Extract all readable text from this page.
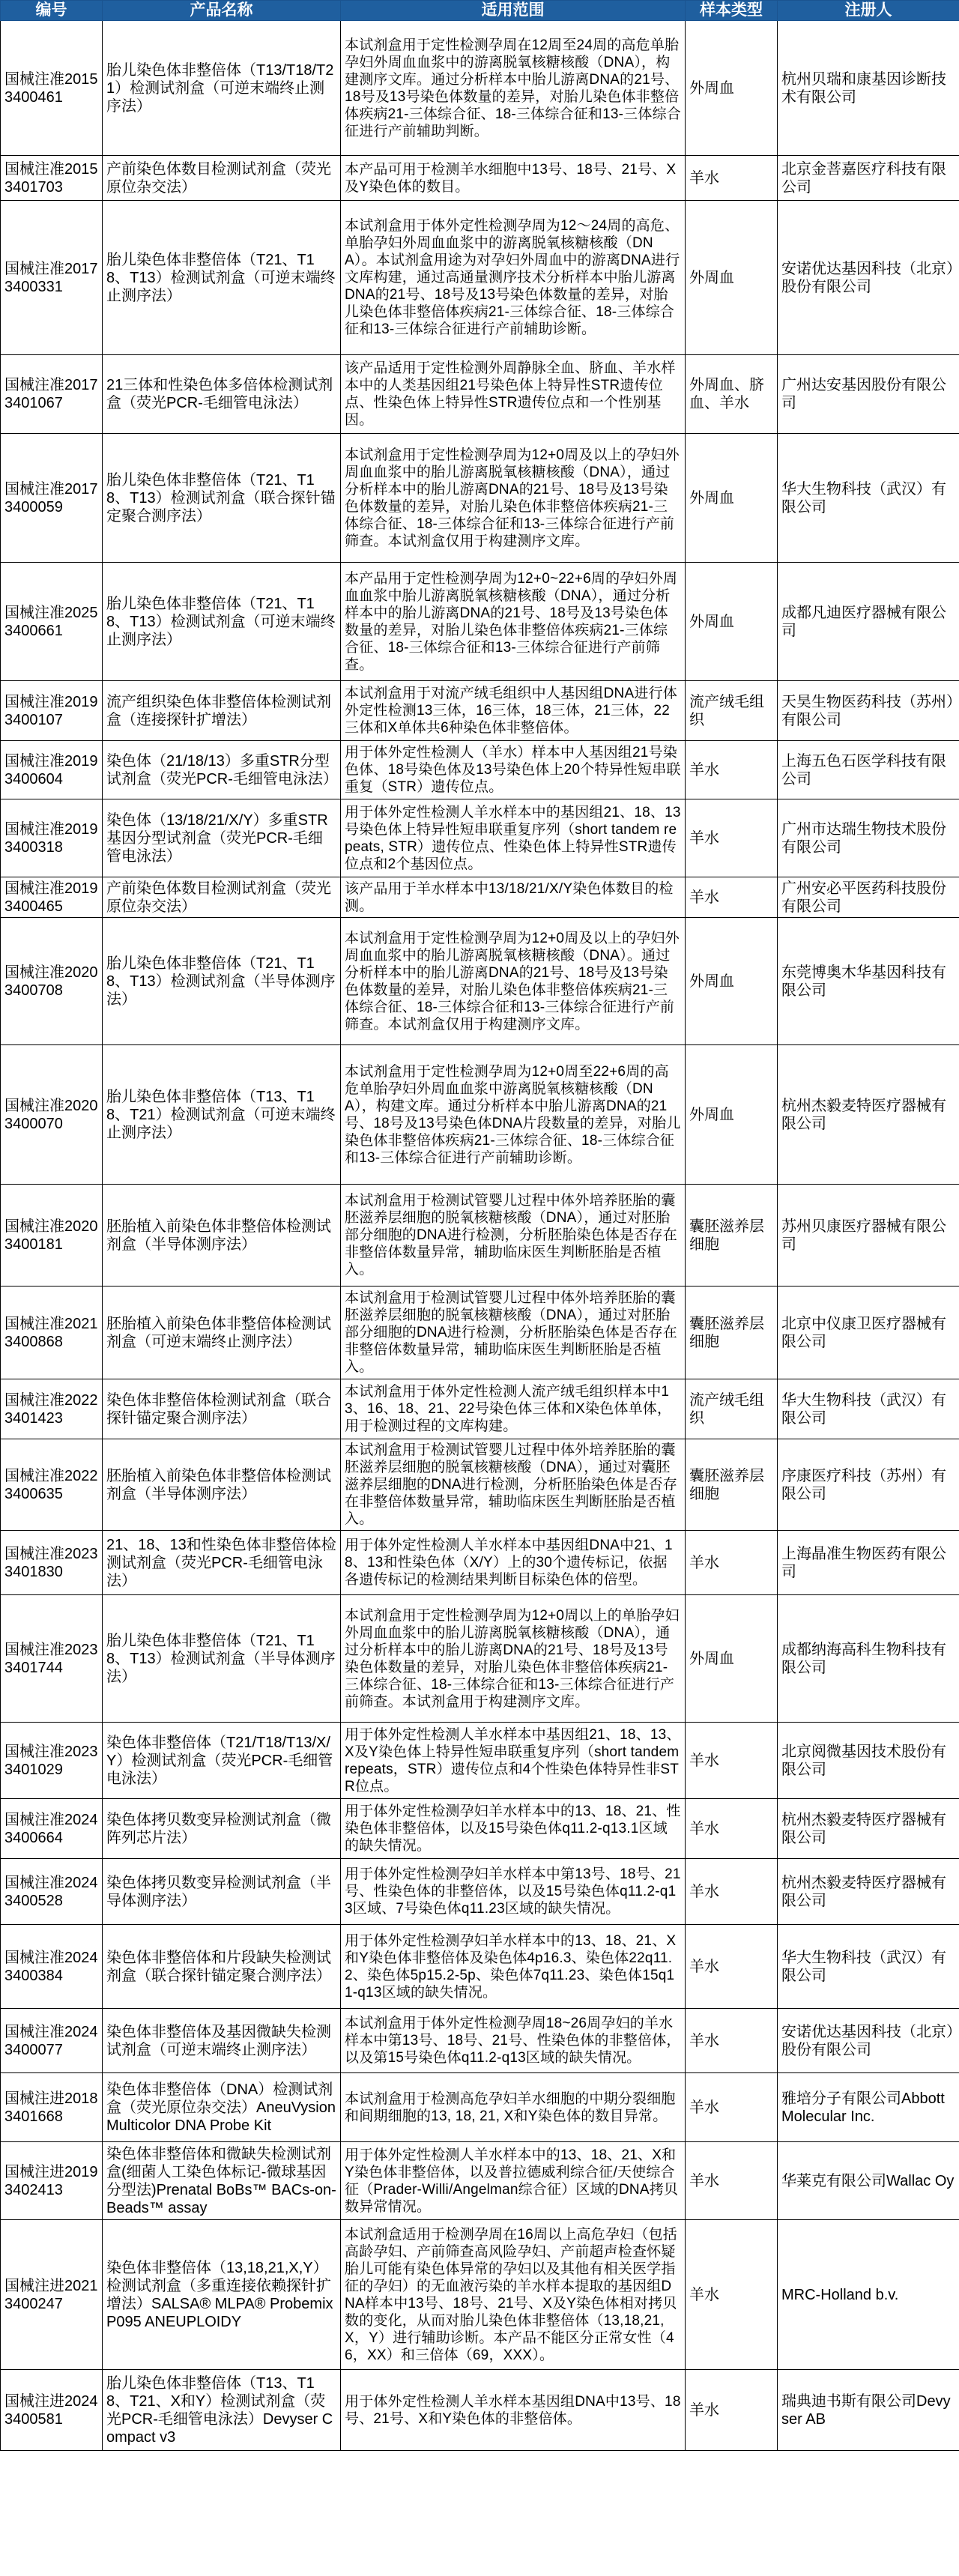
编号	产品名称	适用范围	样本类型	注册人
国械注准20153400461	胎儿染色体非整倍体（T13/T18/T21）检测试剂盒（可逆末端终止测序法）	本试剂盒用于定性检测孕周在12周至24周的高危单胎孕妇外周血血浆中的游离脱氧核糖核酸（DNA），构建测序文库。通过分析样本中胎儿游离DNA的21号、18号及13号染色体数量的差异，对胎儿染色体非整倍体疾病21-三体综合征、18-三体综合征和13-三体综合征进行产前辅助判断。	外周血	杭州贝瑞和康基因诊断技术有限公司
国械注准20153401703	产前染色体数目检测试剂盒（荧光原位杂交法）	本产品可用于检测羊水细胞中13号、18号、21号、X及Y染色体的数目。	羊水	北京金菩嘉医疗科技有限公司
国械注准20173400331	胎儿染色体非整倍体（T21、T18、T13）检测试剂盒（可逆末端终止测序法）	本试剂盒用于体外定性检测孕周为12～24周的高危、单胎孕妇外周血血浆中的游离脱氧核糖核酸（DNA）。本试剂盒用途为对孕妇外周血中的游离DNA进行文库构建，通过高通量测序技术分析样本中胎儿游离DNA的21号、18号及13号染色体数量的差异，对胎儿染色体非整倍体疾病21-三体综合征、18-三体综合征和13-三体综合征进行产前辅助诊断。	外周血	安诺优达基因科技（北京）股份有限公司
国械注准20173401067	21三体和性染色体多倍体检测试剂盒（荧光PCR-毛细管电泳法）	该产品适用于定性检测外周静脉全血、脐血、羊水样本中的人类基因组21号染色体上特异性STR遗传位点、性染色体上特异性STR遗传位点和一个性别基因。	外周血、脐血、羊水	广州达安基因股份有限公司
国械注准20173400059	胎儿染色体非整倍体（T21、T18、T13）检测试剂盒（联合探针锚定聚合测序法）	本试剂盒用于定性检测孕周为12+0周及以上的孕妇外周血血浆中的胎儿游离脱氧核糖核酸（DNA），通过分析样本中的胎儿游离DNA的21号、18号及13号染色体数量的差异，对胎儿染色体非整倍体疾病21-三体综合征、18-三体综合征和13-三体综合征进行产前筛查。本试剂盒仅用于构建测序文库。	外周血	华大生物科技（武汉）有限公司
国械注准20253400661	胎儿染色体非整倍体（T21、T18、T13）检测试剂盒（可逆末端终止测序法）	本产品用于定性检测孕周为12+0~22+6周的孕妇外周血血浆中胎儿游离脱氧核糖核酸（DNA），通过分析样本中的胎儿游离DNA的21号、18号及13号染色体数量的差异，对胎儿染色体非整倍体疾病21-三体综合征、18-三体综合征和13-三体综合征进行产前筛查。	外周血	成都凡迪医疗器械有限公司
国械注准20193400107	流产组织染色体非整倍体检测试剂盒（连接探针扩增法）	本试剂盒用于对流产绒毛组织中人基因组DNA进行体外定性检测13三体，16三体，18三体，21三体，22三体和X单体共6种染色体非整倍体。	流产绒毛组织	天昊生物医药科技（苏州）有限公司
国械注准20193400604	染色体（21/18/13）多重STR分型试剂盒（荧光PCR-毛细管电泳法）	用于体外定性检测人（羊水）样本中人基因组21号染色体、18号染色体及13号染色体上20个特异性短串联重复（STR）遗传位点。	羊水	上海五色石医学科技有限公司
国械注准20193400318	染色体（13/18/21/X/Y）多重STR基因分型试剂盒（荧光PCR-毛细管电泳法）	用于体外定性检测人羊水样本中的基因组21、18、13号染色体上特异性短串联重复序列（short tandem repeats, STR）遗传位点、性染色体上特异性STR遗传位点和2个基因位点。	羊水	广州市达瑞生物技术股份有限公司
国械注准20193400465	产前染色体数目检测试剂盒（荧光原位杂交法）	该产品用于羊水样本中13/18/21/X/Y染色体数目的检测。	羊水	广州安必平医药科技股份有限公司
国械注准20203400708	胎儿染色体非整倍体（T21、T18、T13）检测试剂盒（半导体测序法）	本试剂盒用于定性检测孕周为12+0周及以上的孕妇外周血血浆中的胎儿游离脱氧核糖核酸（DNA）。通过分析样本中的胎儿游离DNA的21号、18号及13号染色体数量的差异，对胎儿染色体非整倍体疾病21-三体综合征、18-三体综合征和13-三体综合征进行产前筛查。本试剂盒仅用于构建测序文库。	外周血	东莞博奥木华基因科技有限公司
国械注准20203400070	胎儿染色体非整倍体（T13、T18、T21）检测试剂盒（可逆末端终止测序法）	本试剂盒用于定性检测孕周为12+0周至22+6周的高危单胎孕妇外周血血浆中游离脱氧核糖核酸（DNA），构建文库。通过分析样本中胎儿游离DNA的21号、18号及13号染色体DNA片段数量的差异，对胎儿染色体非整倍体疾病21-三体综合征、18-三体综合征和13-三体综合征进行产前辅助诊断。	外周血	杭州杰毅麦特医疗器械有限公司
国械注准20203400181	胚胎植入前染色体非整倍体检测试剂盒（半导体测序法）	本试剂盒用于检测试管婴儿过程中体外培养胚胎的囊胚滋养层细胞的脱氧核糖核酸（DNA），通过对胚胎部分细胞的DNA进行检测，分析胚胎染色体是否存在非整倍体数量异常，辅助临床医生判断胚胎是否植入。	囊胚滋养层细胞	苏州贝康医疗器械有限公司
国械注准20213400868	胚胎植入前染色体非整倍体检测试剂盒（可逆末端终止测序法）	本试剂盒用于检测试管婴儿过程中体外培养胚胎的囊胚滋养层细胞的脱氧核糖核酸（DNA），通过对胚胎部分细胞的DNA进行检测，分析胚胎染色体是否存在非整倍体数量异常，辅助临床医生判断胚胎是否植入。	囊胚滋养层细胞	北京中仪康卫医疗器械有限公司
国械注准20223401423	染色体非整倍体检测试剂盒（联合探针锚定聚合测序法）	本试剂盒用于体外定性检测人流产绒毛组织样本中13、16、18、21、22号染色体三体和X染色体单体，用于检测过程的文库构建。	流产绒毛组织	华大生物科技（武汉）有限公司
国械注准20223400635	胚胎植入前染色体非整倍体检测试剂盒（半导体测序法）	本试剂盒用于检测试管婴儿过程中体外培养胚胎的囊胚滋养层细胞的脱氧核糖核酸（DNA），通过对囊胚滋养层细胞的DNA进行检测，分析胚胎染色体是否存在非整倍体数量异常，辅助临床医生判断胚胎是否植入。	囊胚滋养层细胞	序康医疗科技（苏州）有限公司
国械注准20233401830	21、18、13和性染色体非整倍体检测试剂盒（荧光PCR-毛细管电泳法）	用于体外定性检测人羊水样本中基因组DNA中21、18、13和性染色体（X/Y）上的30个遗传标记，依据各遗传标记的检测结果判断目标染色体的倍型。	羊水	上海晶准生物医药有限公司
国械注准20233401744	胎儿染色体非整倍体（T21、T18、T13）检测试剂盒（半导体测序法）	本试剂盒用于定性检测孕周为12+0周以上的单胎孕妇外周血血浆中的胎儿游离脱氧核糖核酸（DNA），通过分析样本中的胎儿游离DNA的21号、18号及13号染色体数量的差异，对胎儿染色体非整倍体疾病21-三体综合征、18-三体综合征和13-三体综合征进行产前筛查。本试剂盒用于构建测序文库。	外周血	成都纳海高科生物科技有限公司
国械注准20233401029	染色体非整倍体（T21/T18/T13/X/Y）检测试剂盒（荧光PCR-毛细管电泳法）	用于体外定性检测人羊水样本中基因组21、18、13、X及Y染色体上特异性短串联重复序列（short tandem repeats，STR）遗传位点和4个性染色体特异性非STR位点。	羊水	北京阅微基因技术股份有限公司
国械注准20243400664	染色体拷贝数变异检测试剂盒（微阵列芯片法）	用于体外定性检测孕妇羊水样本中的13、18、21、性染色体非整倍体，以及15号染色体q11.2-q13.1区域的缺失情况。	羊水	杭州杰毅麦特医疗器械有限公司
国械注准20243400528	染色体拷贝数变异检测试剂盒（半导体测序法）	用于体外定性检测孕妇羊水样本中第13号、18号、21号、性染色体的非整倍体，以及15号染色体q11.2-q13区域、7号染色体q11.23区域的缺失情况。	羊水	杭州杰毅麦特医疗器械有限公司
国械注准20243400384	染色体非整倍体和片段缺失检测试剂盒（联合探针锚定聚合测序法）	用于体外定性检测孕妇羊水样本中的13、18、21、X和Y染色体非整倍体及染色体4p16.3、染色体22q11.2、染色体5p15.2-5p、染色体7q11.23、染色体15q11-q13区域的缺失情况。	羊水	华大生物科技（武汉）有限公司
国械注准20243400077	染色体非整倍体及基因微缺失检测试剂盒（可逆末端终止测序法）	本试剂盒用于体外定性检测孕周18~26周孕妇的羊水样本中第13号、18号、21号、性染色体的非整倍体，以及第15号染色体q11.2-q13区域的缺失情况。	羊水	安诺优达基因科技（北京）股份有限公司
国械注进20183401668	染色体非整倍体（DNA）检测试剂盒（荧光原位杂交法）AneuVysion Multicolor DNA Probe Kit	本试剂盒用于检测高危孕妇羊水细胞的中期分裂细胞和间期细胞的13, 18, 21, X和Y染色体的数目异常。	羊水	雅培分子有限公司Abbott Molecular Inc.
国械注进20193402413	染色体非整倍体和微缺失检测试剂盒(细菌人工染色体标记-微球基因分型法)Prenatal BoBs™ BACs-on-Beads™ assay	用于体外定性检测人羊水样本中的13、18、21、X和Y染色体非整倍体，以及普拉德威利综合征/天使综合征（Prader-Willi/Angelman综合征）区域的DNA拷贝数异常情况。	羊水	华莱克有限公司Wallac Oy
国械注进20213400247	染色体非整倍体（13,18,21,X,Y）检测试剂盒（多重连接依赖探针扩增法）SALSA® MLPA® Probemix P095 ANEUPLOIDY	本试剂盒适用于检测孕周在16周以上高危孕妇（包括高龄孕妇、产前筛查高风险孕妇、产前超声检查怀疑胎儿可能有染色体异常的孕妇以及其他有相关医学指征的孕妇）的无血液污染的羊水样本提取的基因组DNA样本中13号、18号、21号、X及Y染色体相对拷贝数的变化，从而对胎儿染色体非整倍体（13,18,21, X，Y）进行辅助诊断。本产品不能区分正常女性（46，XX）和三倍体（69，XXX）。	羊水	MRC-Holland b.v.
国械注进20243400581	胎儿染色体非整倍体（T13、T18、T21、X和Y）检测试剂盒（荧光PCR-毛细管电泳法）Devyser Compact v3	用于体外定性检测人羊水样本基因组DNA中13号、18号、21号、X和Y染色体的非整倍体。	羊水	瑞典迪书斯有限公司Devyser AB
